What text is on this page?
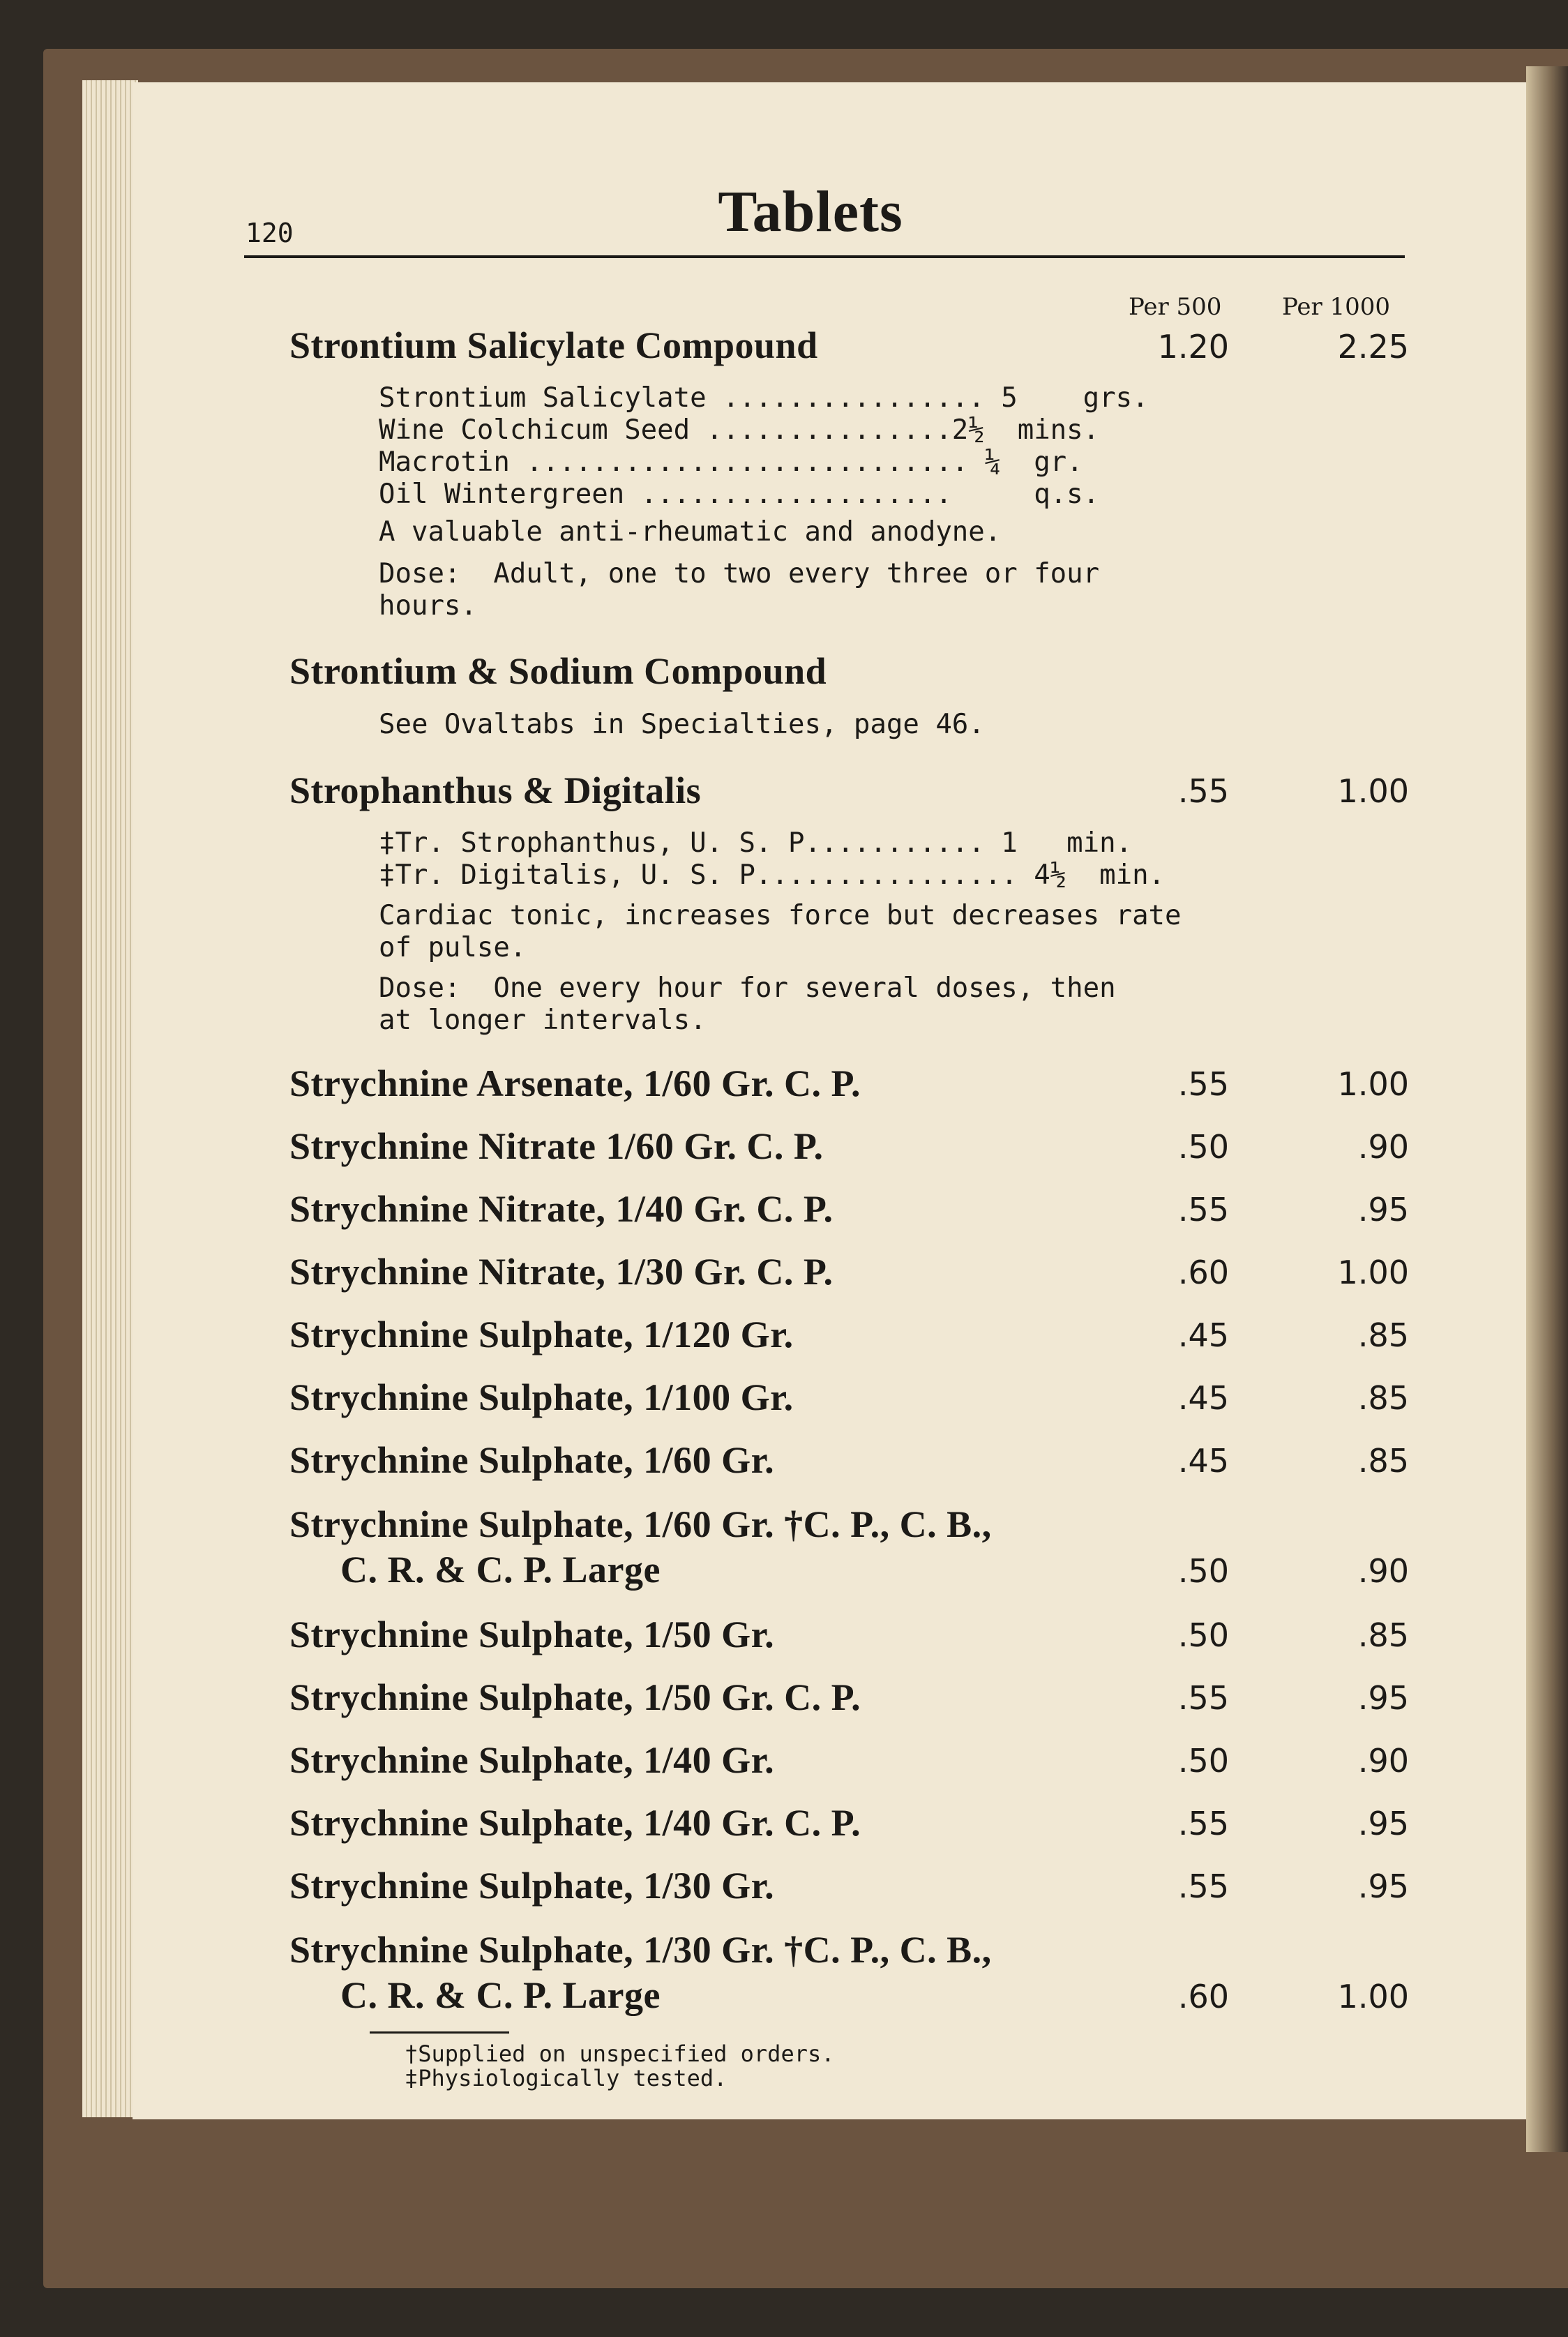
120	Tablets
Per 500	Per 1000
Strontium Salicylate Compound	1.20	2.25
Strontium Salicylate ................ 5    grs.
Wine Colchicum Seed ...............2½  mins.
Macrotin ........................... ¼  gr.
Oil Wintergreen ...................     q.s.
A valuable anti-rheumatic and anodyne.
Dose:  Adult, one to two every three or four
hours.
Strontium & Sodium Compound
See Ovaltabs in Specialties, page 46.
Strophanthus & Digitalis	.55	1.00
‡Tr. Strophanthus, U. S. P........... 1   min.
‡Tr. Digitalis, U. S. P................ 4½  min.
Cardiac tonic, increases force but decreases rate
of pulse.
Dose:  One every hour for several doses, then
at longer intervals.
Strychnine Arsenate, 1/60 Gr. C. P.	.55	1.00
Strychnine Nitrate 1/60 Gr. C. P.	.50	.90
Strychnine Nitrate, 1/40 Gr. C. P.	.55	.95
Strychnine Nitrate, 1/30 Gr. C. P.	.60	1.00
Strychnine Sulphate, 1/120 Gr.	.45	.85
Strychnine Sulphate, 1/100 Gr.	.45	.85
Strychnine Sulphate, 1/60 Gr.	.45	.85
Strychnine Sulphate, 1/60 Gr. †C. P., C. B.,
C. R. & C. P. Large	.50	.90
Strychnine Sulphate, 1/50 Gr.	.50	.85
Strychnine Sulphate, 1/50 Gr. C. P.	.55	.95
Strychnine Sulphate, 1/40 Gr.	.50	.90
Strychnine Sulphate, 1/40 Gr. C. P.	.55	.95
Strychnine Sulphate, 1/30 Gr.	.55	.95
Strychnine Sulphate, 1/30 Gr. †C. P., C. B.,
C. R. & C. P. Large	.60	1.00
†Supplied on unspecified orders.
‡Physiologically tested.
